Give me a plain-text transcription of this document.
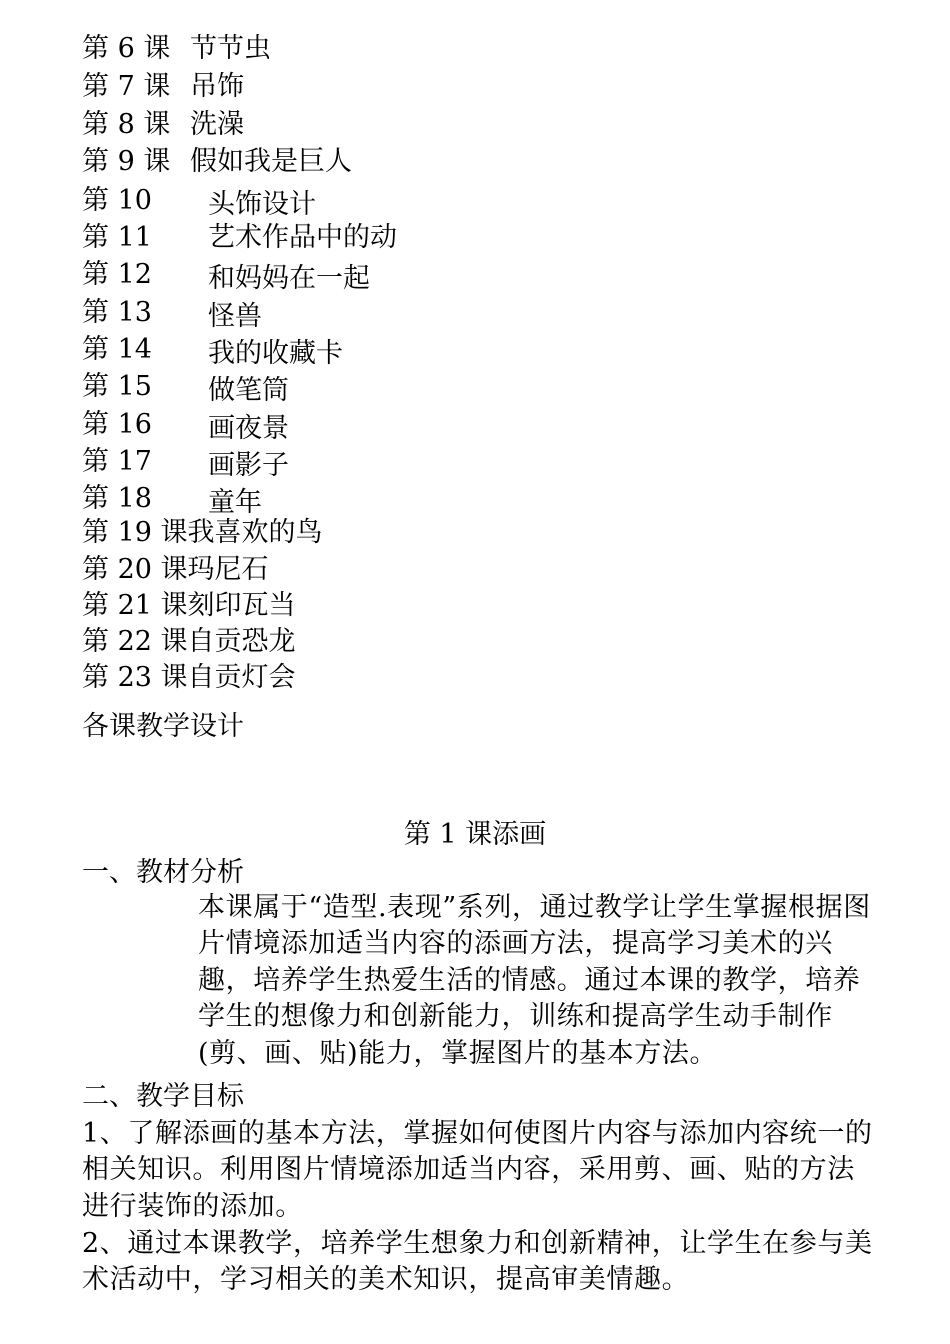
第 6 课 节节虫
第 7 课 吊饰
第 8 课 洗澡
第 9 课 假如我是巨人
第 10 头饰设计
第 11 艺术作品中的动
第 12 和妈妈在一起
第 13 怪兽
第 14 我的收藏卡
第 15 做笔筒
第 16 画夜景
第 17 画影子
第 18 童年
第 19 课我喜欢的鸟
第 20 课玛尼石
第 21 课刻印瓦当
第 22 课自贡恐龙
第 23 课自贡灯会
各课教学设计
第 1 课添画
一、教材分析

本课属于“造型.表现”系列，通过教学让学生掌握根据图片情境添加适当内容的添画方法，提高学习美术的兴趣，培养学生热爱生活的情感。通过本课的教学，培养学生的想像力和创新能力，训练和提高学生动手制作(剪、画、贴)能力，掌握图片的基本方法。

二、教学目标

1、了解添画的基本方法，掌握如何使图片内容与添加内容统一的相关知识。利用图片情境添加适当内容，采用剪、画、贴的方法进行装饰的添加。

2、通过本课教学，培养学生想象力和创新精神，让学生在参与美术活动中，学习相关的美术知识，提高审美情趣。
